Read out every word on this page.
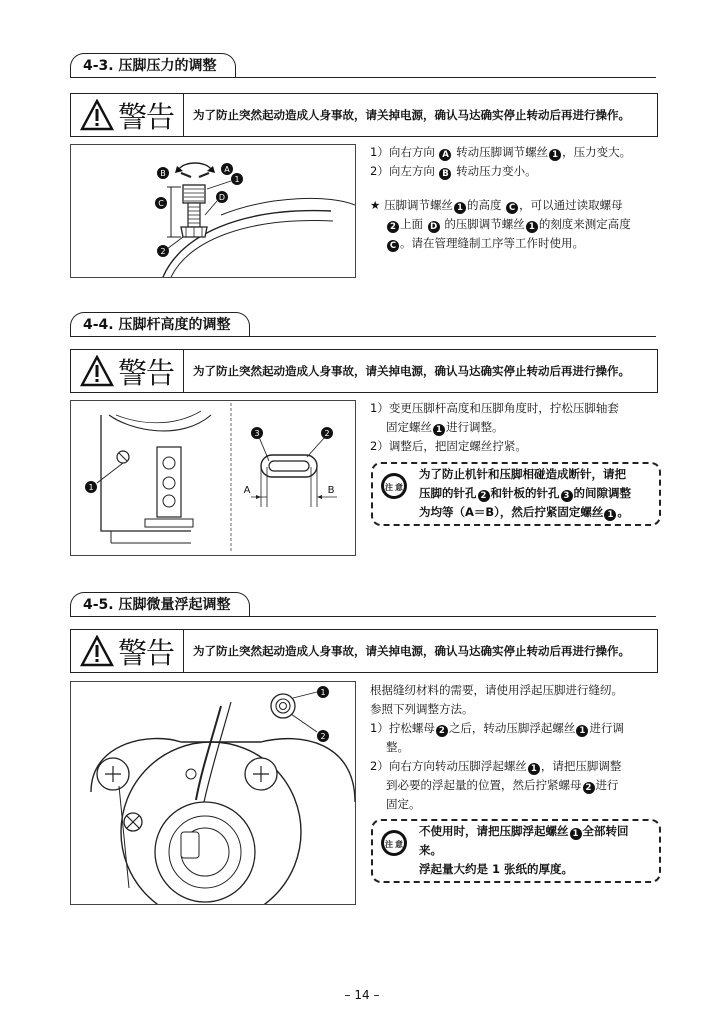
4-3. 压脚压力的调整
警告 为了防止突然起动造成人身事故，请关掉电源，确认马达确实停止转动后再进行操作。
B	A
C
1
D
2

1）向右方向 A 转动压脚调节螺丝 1 ，压力变大。

2）向左方向 B 转动压力变小。

★ 压脚调节螺丝 1 的高度 C ，可以通过读取螺母

2 上面 D 的压脚调节螺丝 1 的刻度来测定高度

C 。请在管理缝制工序等工作时使用。

4-4. 压脚杆高度的调整
警告 为了防止突然起动造成人身事故，请关掉电源，确认马达确实停止转动后再进行操作。
1
3	2
A	B

1）变更压脚杆高度和压脚角度时，拧松压脚轴套

固定螺丝 1 进行调整。

2）调整后，把固定螺丝拧紧。

注 意
为了防止机针和压脚相碰造成断针，请把
压脚的针孔 2 和针板的针孔 3 的间隙调整
为均等（A＝B），然后拧紧固定螺丝 1 。
4-5. 压脚微量浮起调整
警告 为了防止突然起动造成人身事故，请关掉电源，确认马达确实停止转动后再进行操作。
1
2

根据缝纫材料的需要，请使用浮起压脚进行缝纫。

参照下列调整方法。

1）拧松螺母 2 之后，转动压脚浮起螺丝 1 进行调

整。

2）向右方向转动压脚浮起螺丝 1 ，请把压脚调整

到必要的浮起量的位置，然后拧紧螺母 2 进行

固定。

注 意
不使用时，请把压脚浮起螺丝 1 全部转回
来。
浮起量大约是 1 张纸的厚度。
– 14 –
